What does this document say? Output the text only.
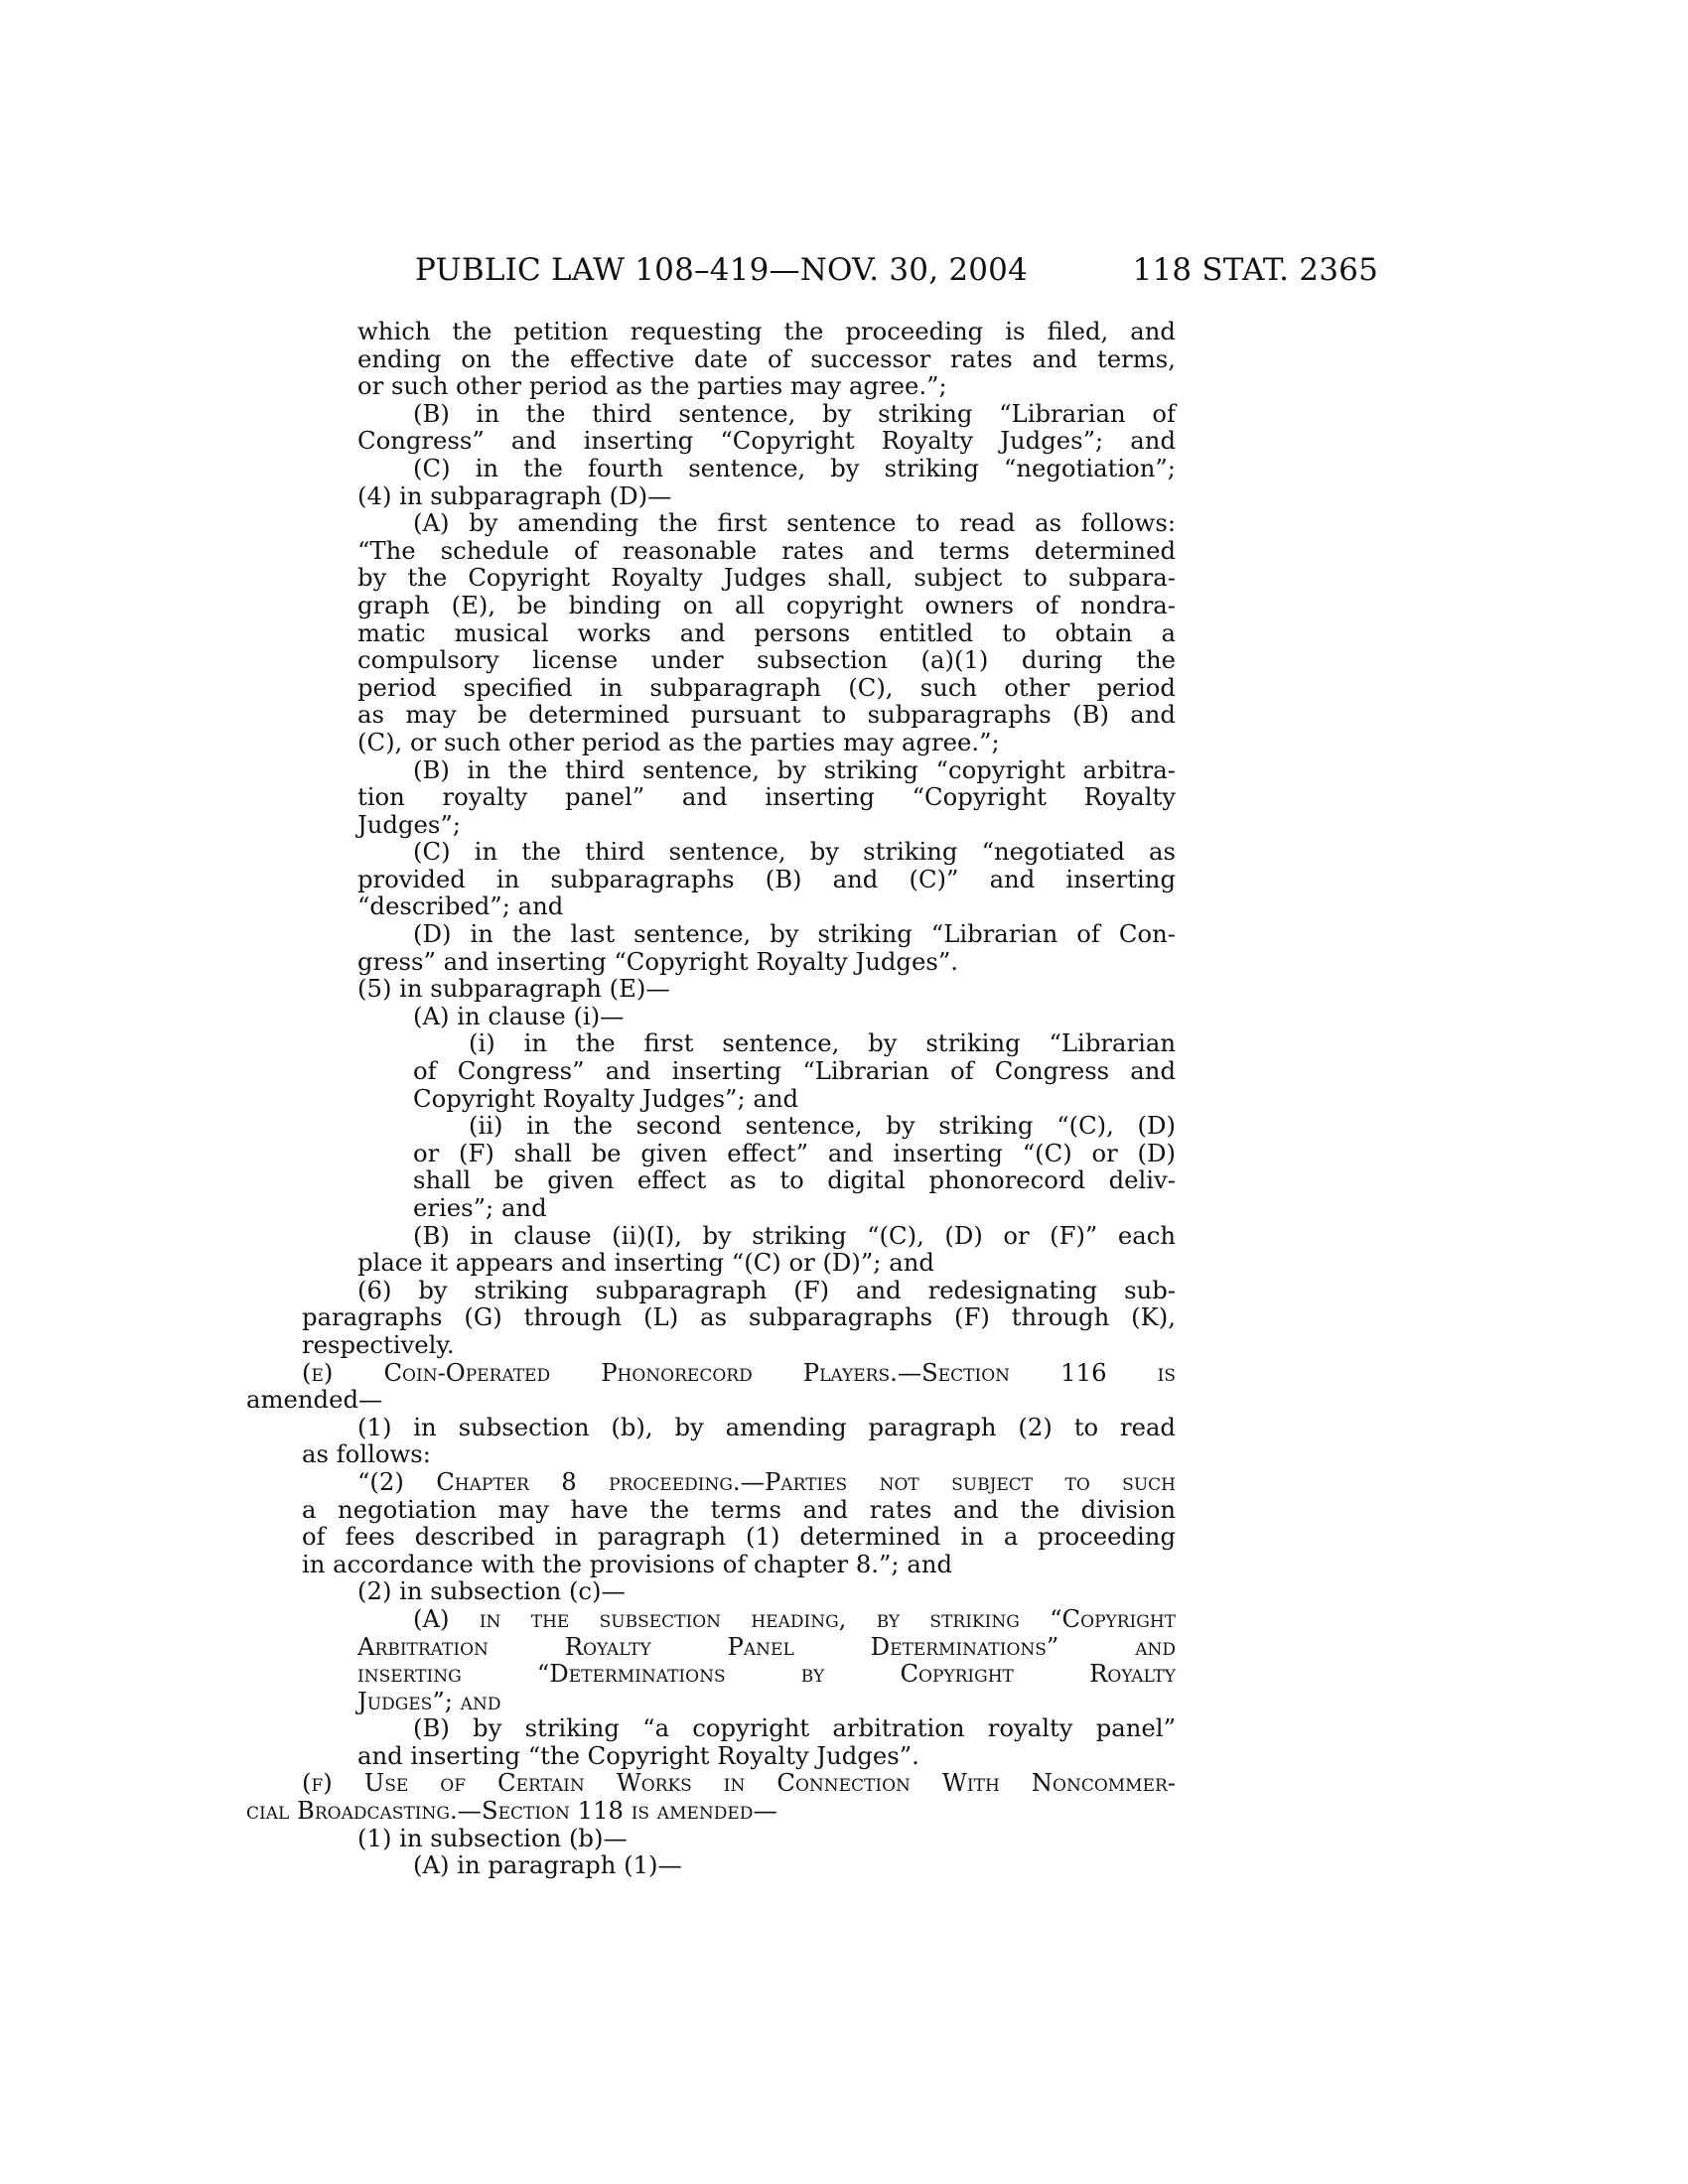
PUBLIC LAW 108–419—NOV. 30, 2004	118 STAT. 2365
which the petition requesting the proceeding is filed, and
ending on the effective date of successor rates and terms,
or such other period as the parties may agree.”;
(B) in the third sentence, by striking “Librarian of
Congress” and inserting “Copyright Royalty Judges”; and
(C) in the fourth sentence, by striking “negotiation”;
(4) in subparagraph (D)—
(A) by amending the first sentence to read as follows:
“The schedule of reasonable rates and terms determined
by the Copyright Royalty Judges shall, subject to subpara-
graph (E), be binding on all copyright owners of nondra-
matic musical works and persons entitled to obtain a
compulsory license under subsection (a)(1) during the
period specified in subparagraph (C), such other period
as may be determined pursuant to subparagraphs (B) and
(C), or such other period as the parties may agree.”;
(B) in the third sentence, by striking “copyright arbitra-
tion royalty panel” and inserting “Copyright Royalty
Judges”;
(C) in the third sentence, by striking “negotiated as
provided in subparagraphs (B) and (C)” and inserting
“described”; and
(D) in the last sentence, by striking “Librarian of Con-
gress” and inserting “Copyright Royalty Judges”.
(5) in subparagraph (E)—
(A) in clause (i)—
(i) in the first sentence, by striking “Librarian
of Congress” and inserting “Librarian of Congress and
Copyright Royalty Judges”; and
(ii) in the second sentence, by striking “(C), (D)
or (F) shall be given effect” and inserting “(C) or (D)
shall be given effect as to digital phonorecord deliv-
eries”; and
(B) in clause (ii)(I), by striking “(C), (D) or (F)” each
place it appears and inserting “(C) or (D)”; and
(6) by striking subparagraph (F) and redesignating sub-
paragraphs (G) through (L) as subparagraphs (F) through (K),
respectively.
(e) Coin-Operated Phonorecord Players.—Section 116 is
amended—
(1) in subsection (b), by amending paragraph (2) to read
as follows:
“(2) Chapter 8 proceeding.—Parties not subject to such
a negotiation may have the terms and rates and the division
of fees described in paragraph (1) determined in a proceeding
in accordance with the provisions of chapter 8.”; and
(2) in subsection (c)—
(A) in the subsection heading, by striking “Copyright
Arbitration Royalty Panel Determinations” and
inserting “Determinations by Copyright Royalty
Judges”; and
(B) by striking “a copyright arbitration royalty panel”
and inserting “the Copyright Royalty Judges”.
(f) Use of Certain Works in Connection With Noncommer-
cial Broadcasting.—Section 118 is amended—
(1) in subsection (b)—
(A) in paragraph (1)—
